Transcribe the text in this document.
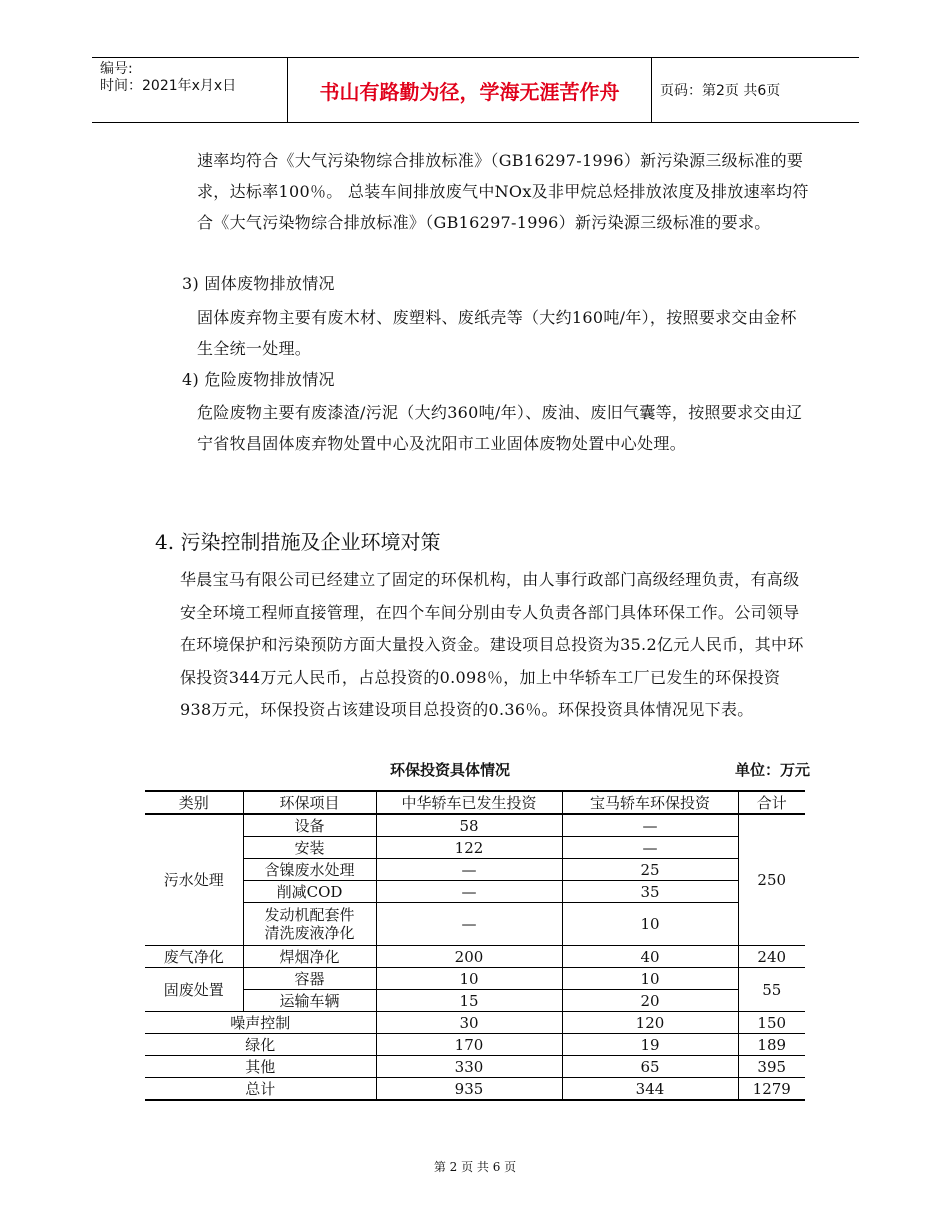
编号:
时间：2021年x月x日	书山有路勤为径，学海无涯苦作舟	页码：第2页 共6页
速率均符合《大气污染物综合排放标准》（GB16297-1996）新污染源三级标准的要求，达标率100％。 总装车间排放废气中NOx及非甲烷总烃排放浓度及排放速率均符合《大气污染物综合排放标准》（GB16297-1996）新污染源三级标准的要求。
3) 固体废物排放情况
固体废弃物主要有废木材、废塑料、废纸壳等（大约160吨/年），按照要求交由金杯生全统一处理。
4) 危险废物排放情况
危险废物主要有废漆渣/污泥（大约360吨/年）、废油、废旧气囊等，按照要求交由辽宁省牧昌固体废弃物处置中心及沈阳市工业固体废物处置中心处理。
4. 污染控制措施及企业环境对策
华晨宝马有限公司已经建立了固定的环保机构，由人事行政部门高级经理负责，有高级安全环境工程师直接管理，在四个车间分别由专人负责各部门具体环保工作。公司领导在环境保护和污染预防方面大量投入资金。建设项目总投资为35.2亿元人民币，其中环保投资344万元人民币，占总投资的0.098％，加上中华轿车工厂已发生的环保投资938万元，环保投资占该建设项目总投资的0.36％。环保投资具体情况见下表。
环保投资具体情况	单位：万元
类别	环保项目	中华轿车已发生投资	宝马轿车环保投资	合计
污水处理	设备	58	—	250
	安装	122	—	
	含镍废水处理	—	25	
	削减COD	—	35	

	发动机配套件
清洗废液净化	—	10	
废气净化	焊烟净化	200	40	240
固废处置	容器	10	10	55
	运输车辆	15	20	
噪声控制		30	120	150
绿化		170	19	189
其他		330	65	395
总计		935	344	1279
第 2 页 共 6 页
